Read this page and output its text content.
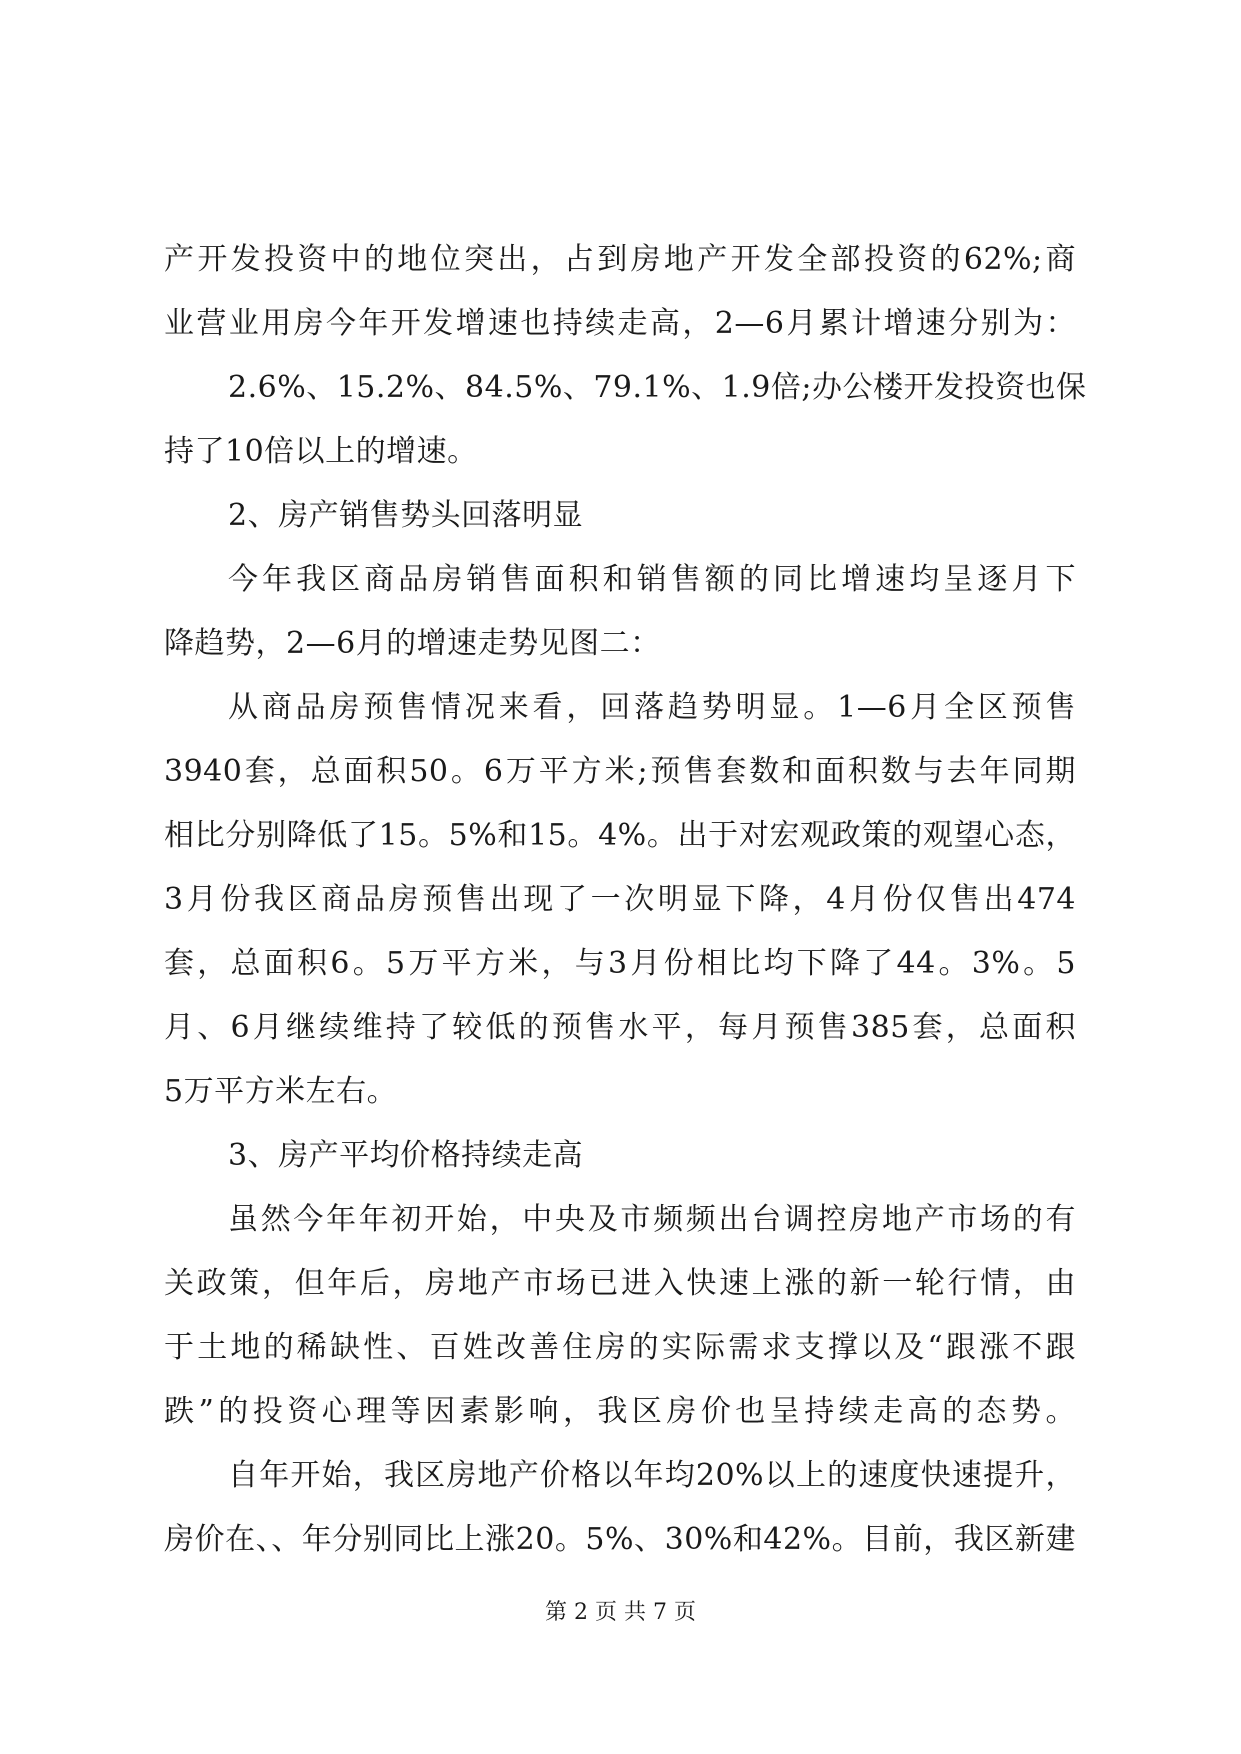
产开发投资中的地位突出，占到房地产开发全部投资的62%;商
业营业用房今年开发增速也持续走高，2—6月累计增速分别为：
2.6%、15.2%、84.5%、79.1%、1.9倍;办公楼开发投资也保
持了10倍以上的增速。
2、房产销售势头回落明显
今年我区商品房销售面积和销售额的同比增速均呈逐月下
降趋势，2—6月的增速走势见图二：
从商品房预售情况来看，回落趋势明显。1—6月全区预售
3940套，总面积50。6万平方米;预售套数和面积数与去年同期
相比分别降低了15。5%和15。4%。出于对宏观政策的观望心态，
3月份我区商品房预售出现了一次明显下降，4月份仅售出474
套，总面积6。5万平方米，与3月份相比均下降了44。3%。5
月、6月继续维持了较低的预售水平，每月预售385套，总面积
5万平方米左右。
3、房产平均价格持续走高
虽然今年年初开始，中央及市频频出台调控房地产市场的有
关政策，但年后，房地产市场已进入快速上涨的新一轮行情，由
于土地的稀缺性、百姓改善住房的实际需求支撑以及“跟涨不跟
跌”的投资心理等因素影响，我区房价也呈持续走高的态势。
自年开始，我区房地产价格以年均20%以上的速度快速提升，
房价在、、年分别同比上涨20。5%、30%和42%。目前，我区新建
第 2 页 共 7 页
